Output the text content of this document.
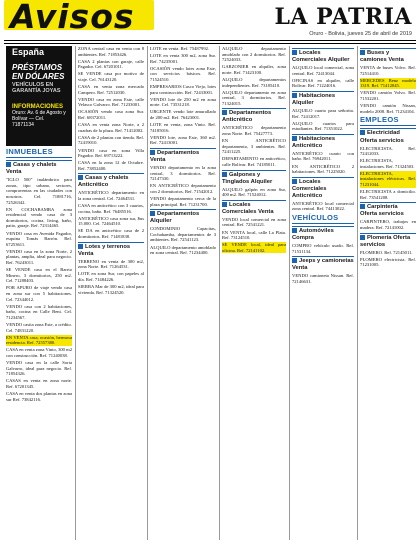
Avisos	LA PATRIA
Oruro - Bolivia, jueves 25 de abril de 2019
España
PRÉSTAMOS EN DÓLARES
VEHÍCULOS EN GARANTÍA JOYAS
INFORMACIONES
Oruro: Av. 6 de Agosto y Bolívar — Cel. 71871134
INMUEBLES
Casas y chalets Venta

"IGLO 500" inalámbrico para zonas, tipo urbano, sectores, compraventas en las ciudades con nosotros. Cel. 71881716, 72526342.

EN COCHABAMBA zona residencial vendo casa de 3 dormitorios, cocina, living, baño, patio, garaje. Ref. 72314465.

VENDO casa en Avenida Pagador, esquina Tomás Barrón. Ref. 67253611.

VENDO casa en la zona Norte, 2 plantas, amplia, ideal para negocio. Ref. 76243011.

SE VENDE casa en el Barrio Minero, 3 dormitorios, 250 m2. Cel. 71288403.

POR APURO de viaje vendo casa en zona sur con 5 habitaciones. Cel. 72344012.

VENDO casa con 2 habitaciones, baño, cocina en Calle Beni. Cel. 71234567.

VENDO casita zona Este, a crédito. Cel. 74831220.

EN VENTA casa, ocasión, hermosa residencia. Ref. 72557380.

CASA en venta zona Vinto, 300 m2 con construcción. Ref. 71240038.

VENDO casa en la calle Soria Galvarro, ideal para negocio. Ref. 71854326.

CASAS en venta en zona norte. Ref. 67201345.

CASA en venta dos plantas en zona sur Ref. 73842116.

ZONA central casa en venta con 8 ambientes. Ref. 71853426.

CASA 2 plantas con garaje, calle Pagador. Cel. 67201011.

SE VENDE casa por motivo de viaje. Cel. 76143120.

CASA en venta zona mercado Campero. Ref. 72512030.

VENDO casa en zona Este, calle Velasco Galvarro. Ref. 71233001.

OCASIÓN vendo casa zona Sur. Ref. 68372011.

CASA en venta zona Norte, a 2 cuadras de la plaza. Ref. 71412002.

CASA de 2 plantas con tienda. Ref. 72419010.

VENDO casa en zona Villa Pagador. Ref. 69713222.

CASA en la zona 12 de Octubre. Ref. 73852400.

Casas y chalets Anticrético

ANTICRÉTICO departamento en la zona central. Cel. 72464531.

CASA en anticrético con 3 cuartos, cocina, baño. Ref. 76485516.

ANTICRÉTICO casa zona sur, $us 15.000. Cel. 72464510.

SE DA en anticrético casa de 2 dormitorios. Ref. 71481838.

Lotes y terrenos Venta

TERRENO en venta de 300 m2, zona Norte. Ref. 71264531.

LOTE en zona Sur, con papeles al día. Ref. 71484226.

SIERRA Mar de 300 m2, ideal para vivienda. Ref. 71324520.

LOTE en venta. Ref. 75487992.

LOTE en venta 300 m2, zona Sur. Ref. 74235001.

OCASIÓN vendo lotes zona Este, con servicios básicos. Ref. 71524510.

EMPRESARIOS Casco Viejo, lotes para construcción. Ref. 72433001.

VENDO lote de 250 m2 en zona norte. Cel. 73531218.

URGENTE vendo lote amurallado de 200 m2. Ref. 76423001.

LOTE en venta, zona Vinto. Ref. 74185016.

VENDO lote, zona Este, 360 m2. Ref. 72413001.

Departamentos Venta

VENDO departamento en la zona central, 3 dormitorios. Ref. 72147330.

EN ANTICRÉTICO departamento con 2 dormitorios. Ref. 71542012.

VENDO departamento cerca de la plaza principal. Ref. 71231700.

Departamentos Alquiler

CONDOMINIO Capacitas, Cochabamba, departamentos de 3 ambientes. Ref. 72541123.

ALQUILO departamento amoblado en zona central. Ref. 71234400.

ALQUILO departamento amoblado con 2 dormitorios. Ref. 72524033.

GARZONIER en alquiler, zona norte. Ref. 71423100.

ALQUILO departamentos independientes. Ref. 73185410.

ALQUILO departamento en zona central, 3 dormitorios. Ref. 71324015.

Departamentos Anticrético

ANTICRÉTICO departamento zona Norte. Ref. 75427773.

EN ANTICRÉTICO departamento, 3 ambientes. Ref. 72411225.

DEPARTAMENTO en anticrético, calle Bolívar. Ref. 74185011.

Galpones y Tinglados Alquiler

ALQUILO galpón en zona Sur, 400 m2. Ref. 71524012.

Locales Comerciales Venta

VENDO local comercial en zona central. Ref. 72541221.

EN VENTA local, calle La Plata. Ref. 73124510.

SE VENDE local, ideal para oficina. Ref. 72141102.

Locales Comerciales Alquiler

ALQUILO local comercial, zona central. Ref. 72413044.

OFICINAS en alquiler, calle Bolívar. Ref. 71224016.

Habitaciones Alquiler

ALQUILO cuarto para señorita. Ref. 72412017.

ALQUILO cuartos para estudiantes. Ref. 71351022.

Habitaciones Anticrético

ANTICRÉTICO cuarto con baño. Ref. 76942011.

EN ANTICRÉTICO 2 habitaciones. Ref. 71225020.

Locales Comerciales Anticrético

ANTICRÉTICO local comercial zona central. Ref. 74413022.

VEHÍCULOS
Automóviles Compra

COMPRO vehículo usado. Ref. 71531134.

Jeeps y camionetas Venta

VENDO camioneta Nissan. Ref. 72146631.

Buses y camiones Venta

VENTA de buses Volvo. Ref. 72514410.

MERCEDES Benz modelo 1319. Ref. 71412045.

VENDO camión Volvo. Ref. 71532201.

VENDO camión Nissan, modelo 2008. Ref. 71234104.

EMPLEOS
Electricidad Oferta servicios

ELECTRICISTA. Ref. 72412033.

ELECTRICISTA, instalaciones. Ref. 71324503.

ELECTRICISTA, instalaciones eléctricas. Ref. 71231044.

ELECTRICISTA a domicilio. Ref. 73541208.

Carpintería Oferta servicios

CARPINTERO, trabajos en madera. Ref. 72141002.

Plomería Oferta servicios

PLOMERO. Ref. 72145011.

PLOMERO electricista. Ref. 71231005.
